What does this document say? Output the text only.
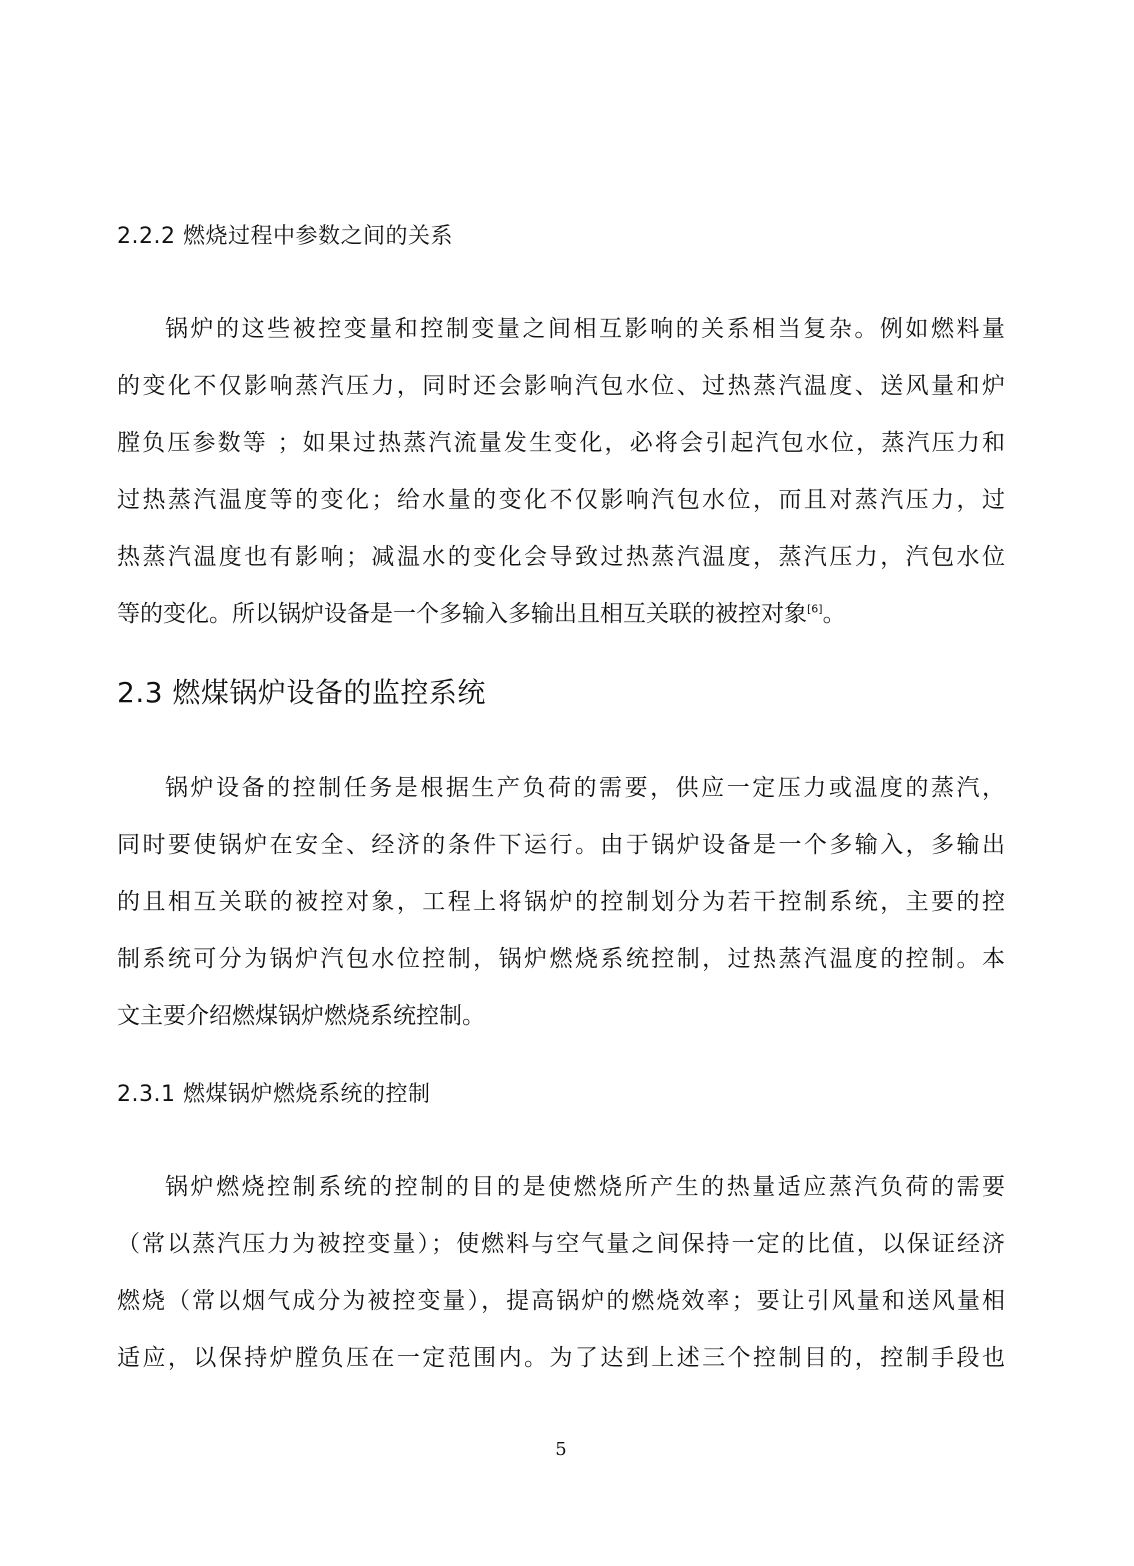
2.2.2 燃烧过程中参数之间的关系
锅炉的这些被控变量和控制变量之间相互影响的关系相当复杂。例如燃料量
的变化不仅影响蒸汽压力，同时还会影响汽包水位、过热蒸汽温度、送风量和炉
膛负压参数等 ；如果过热蒸汽流量发生变化，必将会引起汽包水位，蒸汽压力和
过热蒸汽温度等的变化；给水量的变化不仅影响汽包水位，而且对蒸汽压力，过
热蒸汽温度也有影响；减温水的变化会导致过热蒸汽温度，蒸汽压力，汽包水位
等的变化。所以锅炉设备是一个多输入多输出且相互关联的被控对象[6]。
2.3 燃煤锅炉设备的监控系统
锅炉设备的控制任务是根据生产负荷的需要，供应一定压力或温度的蒸汽，
同时要使锅炉在安全、经济的条件下运行。由于锅炉设备是一个多输入，多输出
的且相互关联的被控对象，工程上将锅炉的控制划分为若干控制系统，主要的控
制系统可分为锅炉汽包水位控制，锅炉燃烧系统控制，过热蒸汽温度的控制。本
文主要介绍燃煤锅炉燃烧系统控制。
2.3.1 燃煤锅炉燃烧系统的控制
锅炉燃烧控制系统的控制的目的是使燃烧所产生的热量适应蒸汽负荷的需要
（常以蒸汽压力为被控变量）；使燃料与空气量之间保持一定的比值，以保证经济
燃烧（常以烟气成分为被控变量），提高锅炉的燃烧效率；要让引风量和送风量相
适应，以保持炉膛负压在一定范围内。为了达到上述三个控制目的，控制手段也
5
